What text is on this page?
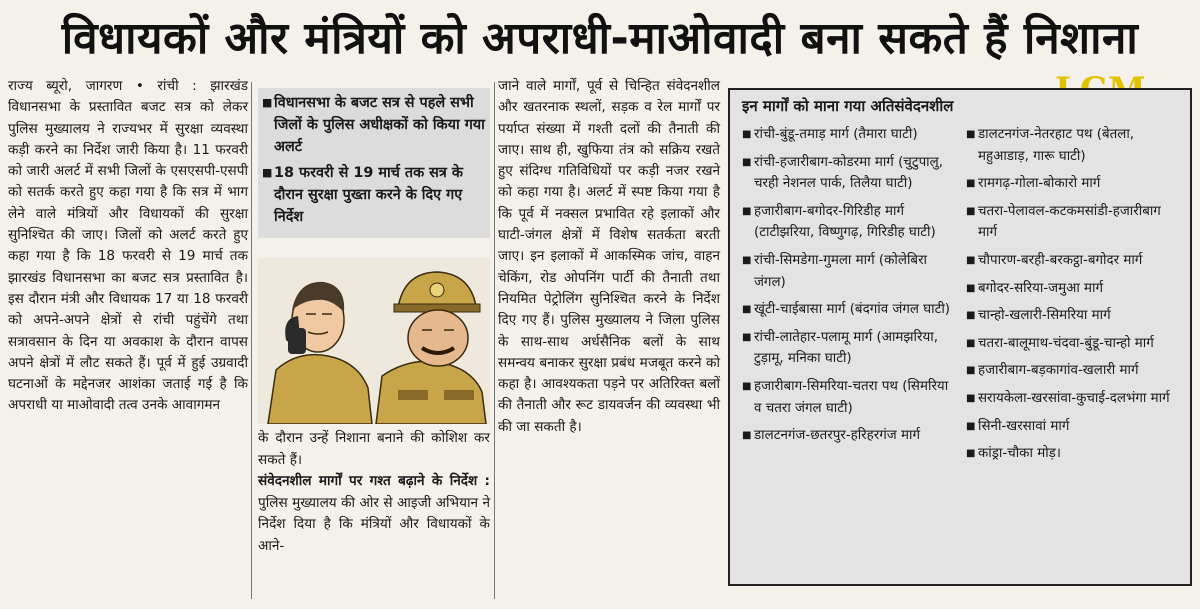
विधायकों और मंत्रियों को अपराधी-माओवादी बना सकते हैं निशाना

राज्य ब्यूरो, जागरण • रांची : झारखंड विधानसभा के प्रस्तावित बजट सत्र को लेकर पुलिस मुख्यालय ने राज्यभर में सुरक्षा व्यवस्था कड़ी करने का निर्देश जारी किया है। 11 फरवरी को जारी अलर्ट में सभी जिलों के एसएसपी-एसपी को सतर्क करते हुए कहा गया है कि सत्र में भाग लेने वाले मंत्रियों और विधायकों की सुरक्षा सुनिश्चित की जाए। जिलों को अलर्ट करते हुए कहा गया है कि 18 फरवरी से 19 मार्च तक झारखंड विधानसभा का बजट सत्र प्रस्तावित है। इस दौरान मंत्री और विधायक 17 या 18 फरवरी को अपने-अपने क्षेत्रों से रांची पहुंचेंगे तथा सत्रावसान के दिन या अवकाश के दौरान वापस अपने क्षेत्रों में लौट सकते हैं। पूर्व में हुई उग्रवादी घटनाओं के मद्देनजर आशंका जताई गई है कि अपराधी या माओवादी तत्व उनके आवागमन

■ विधानसभा के बजट सत्र से पहले सभी जिलों के पुलिस अधीक्षकों को किया गया अलर्ट
■ 18 फरवरी से 19 मार्च तक सत्र के दौरान सुरक्षा पुख्ता करने के दिए गए निर्देश

के दौरान उन्हें निशाना बनाने की कोशिश कर सकते हैं।

संवेदनशील मार्गों पर गश्त बढ़ाने के निर्देश : पुलिस मुख्यालय की ओर से आइजी अभियान ने निर्देश दिया है कि मंत्रियों और विधायकों के आने-

जाने वाले मार्गों, पूर्व से चिन्हित संवेदनशील और खतरनाक स्थलों, सड़क व रेल मार्गों पर पर्याप्त संख्या में गश्ती दलों की तैनाती की जाए। साथ ही, खुफिया तंत्र को सक्रिय रखते हुए संदिग्ध गतिविधियों पर कड़ी नजर रखने को कहा गया है। अलर्ट में स्पष्ट किया गया है कि पूर्व में नक्सल प्रभावित रहे इलाकों और घाटी-जंगल क्षेत्रों में विशेष सतर्कता बरती जाए। इन इलाकों में आकस्मिक जांच, वाहन चेकिंग, रोड ओपनिंग पार्टी की तैनाती तथा नियमित पेट्रोलिंग सुनिश्चित करने के निर्देश दिए गए हैं। पुलिस मुख्यालय ने जिला पुलिस के साथ-साथ अर्धसैनिक बलों के साथ समन्वय बनाकर सुरक्षा प्रबंध मजबूत करने को कहा है। आवश्यकता पड़ने पर अतिरिक्त बलों की तैनाती और रूट डायवर्जन की व्यवस्था भी की जा सकती है।

इन मार्गों को माना गया अतिसंवेदनशील
■ रांची-बुंडू-तमाड़ मार्ग (तैमारा घाटी)
■ रांची-हजारीबाग-कोडरमा मार्ग (चुटुपालु, चरही नेशनल पार्क, तिलैया घाटी)
■ हजारीबाग-बगोदर-गिरिडीह मार्ग (टाटीझरिया, विष्णुगढ़, गिरिडीह घाटी)
■ रांची-सिमडेगा-गुमला मार्ग (कोलेबिरा जंगल)
■ खूंटी-चाईबासा मार्ग (बंदगांव जंगल घाटी)
■ रांची-लातेहार-पलामू मार्ग (आमझरिया, टुड़ामू, मनिका घाटी)
■ हजारीबाग-सिमरिया-चतरा पथ (सिमरिया व चतरा जंगल घाटी)
■ डालटनगंज-छतरपुर-हरिहरगंज मार्ग
■ डालटनगंज-नेतरहाट पथ (बेतला, महुआडाड़, गारू घाटी)
■ रामगढ़-गोला-बोकारो मार्ग
■ चतरा-पेलावल-कटकमसांडी-हजारीबाग मार्ग
■ चौपारण-बरही-बरकट्ठा-बगोदर मार्ग
■ बगोदर-सरिया-जमुआ मार्ग
■ चान्हो-खलारी-सिमरिया मार्ग
■ चतरा-बालूमाथ-चंदवा-बुंडू-चान्हो मार्ग
■ हजारीबाग-बड़कागांव-खलारी मार्ग
■ सरायकेला-खरसांवा-कुचाई-दलभंगा मार्ग
■ सिनी-खरसावां मार्ग
■ कांड्रा-चौका मोड़।
